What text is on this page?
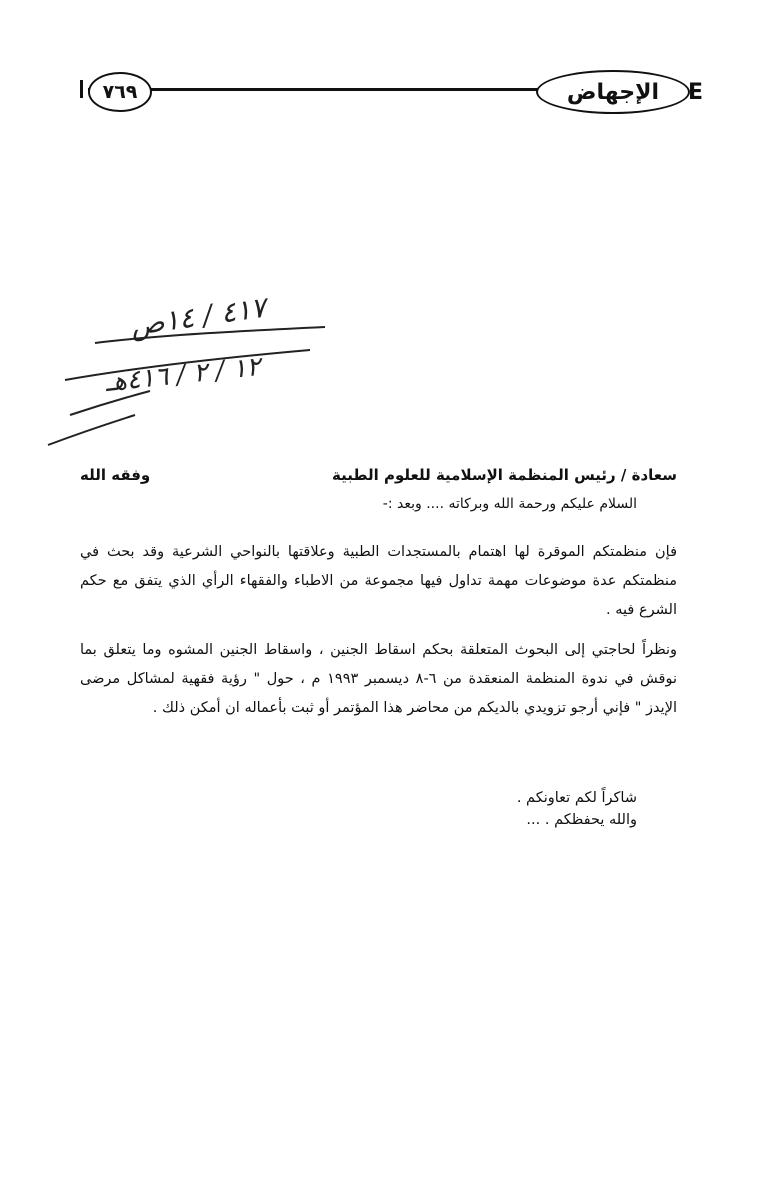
٧٦٩	الإجهاض	E
٤١٧ / ١٤ص
١٢ / ٢ / ٤١٦هـ
سعادة / رئيس المنظمة الإسلامية للعلوم الطبية
وفقه الله
السلام عليكم ورحمة الله وبركاته .... وبعد :-
فإن منظمتكم الموقرة لها اهتمام بالمستجدات الطبية وعلاقتها بالنواحي الشرعية وقد بحث في منظمتكم عدة موضوعات مهمة تداول فيها مجموعة من الاطباء والفقهاء الرأي الذي يتفق مع حكم الشرع فيه .
ونظراً لحاجتي إلى البحوث المتعلقة بحكم اسقاط الجنين ، واسقاط الجنين المشوه وما يتعلق بما نوقش في ندوة المنظمة المنعقدة من ٦-٨ ديسمبر ١٩٩٣ م ، حول " رؤية فقهية لمشاكل مرضى الإيدز " فإني أرجو تزويدي بالديكم من محاضر هذا المؤتمر أو ثبت بأعماله ان أمكن ذلك .
شاكراً لكم تعاونكم .
والله يحفظكم . ...
